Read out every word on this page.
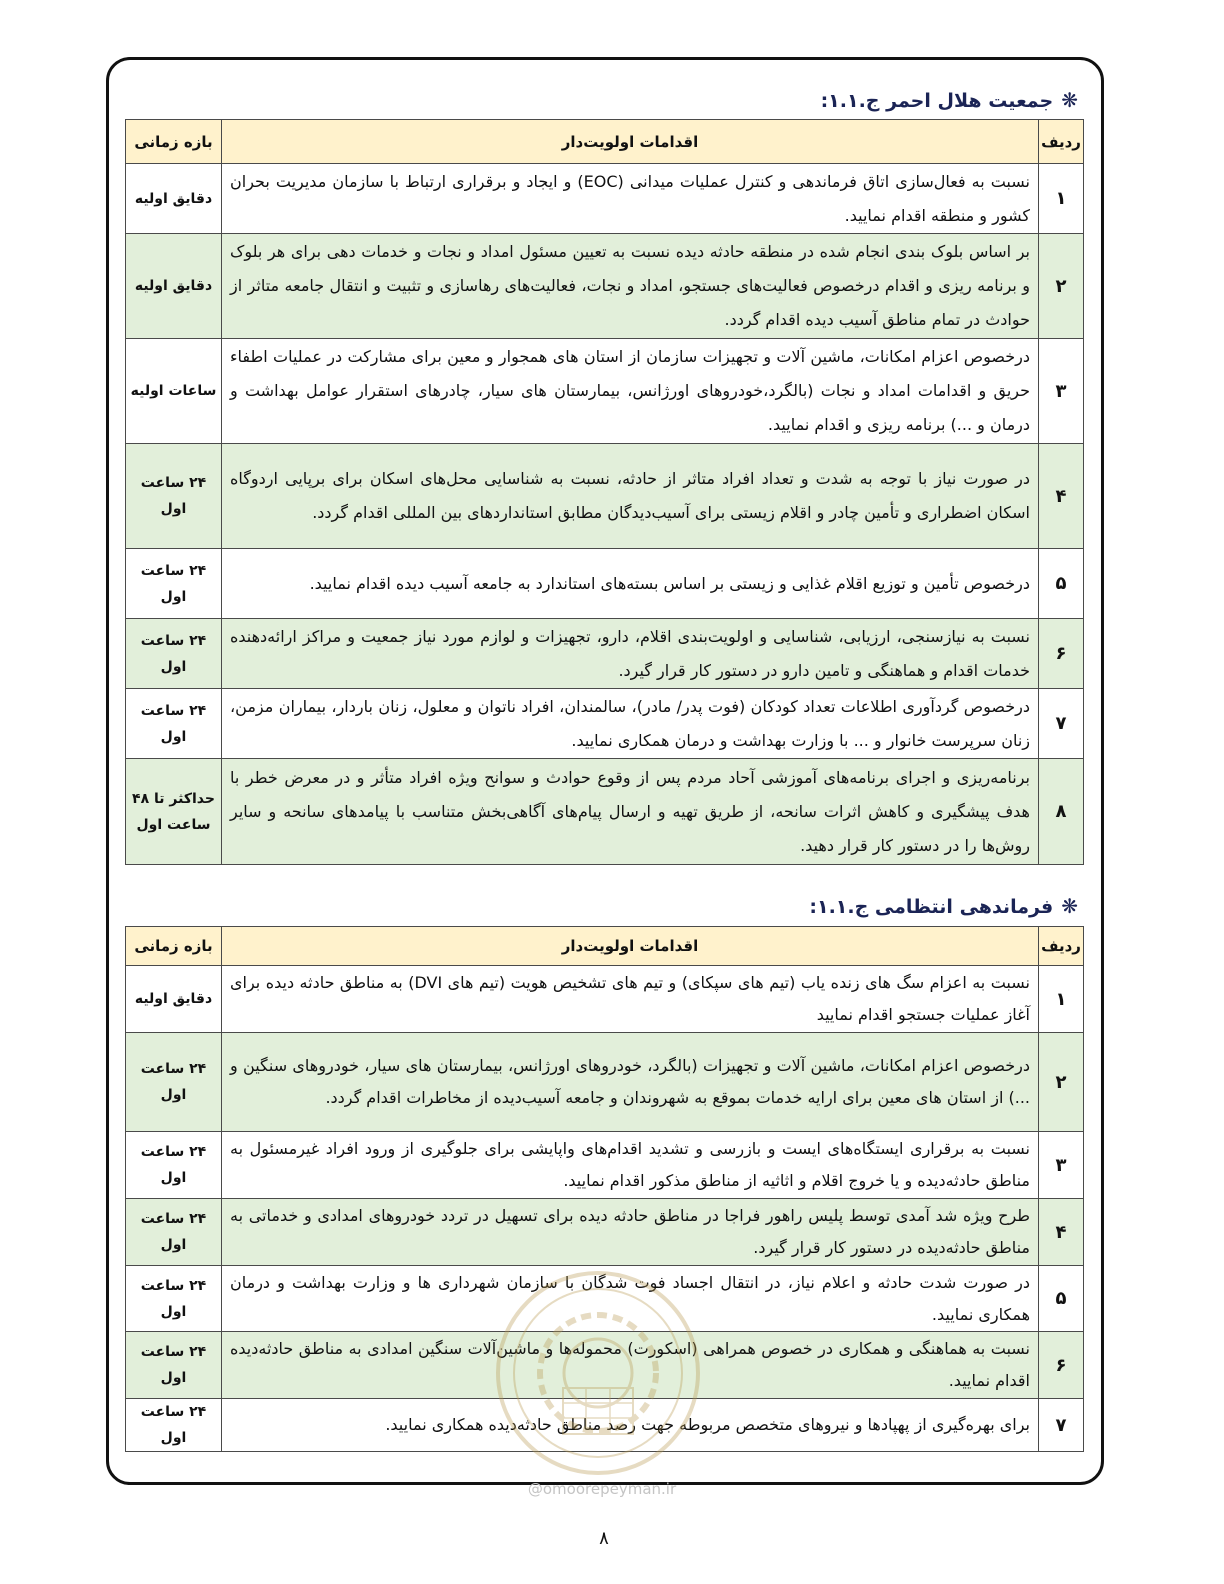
❋جمعیت هلال احمر ج.۱.۱:
ردیف	اقدامات اولویت‌دار	بازه زمانی
۱	نسبت به فعال‌سازی اتاق فرماندهی و کنترل عملیات میدانی (EOC) و ایجاد و برقراری ارتباط با سازمان مدیریت بحران کشور و منطقه اقدام نمایید.	دقایق اولیه
۲	بر اساس بلوک بندی انجام شده در منطقه حادثه دیده نسبت به تعیین مسئول امداد و نجات و خدمات دهی برای هر بلوک و برنامه ریزی و اقدام درخصوص فعالیت‌های جستجو، امداد و نجات، فعالیت‌های رهاسازی و تثبیت و انتقال جامعه متاثر از حوادث در تمام مناطق آسیب دیده اقدام گردد.	دقایق اولیه
۳	درخصوص اعزام امکانات، ماشین آلات و تجهیزات سازمان از استان های همجوار و معین برای مشارکت در عملیات اطفاء حریق و اقدامات امداد و نجات (بالگرد،خودروهای اورژانس، بیمارستان های سیار، چادرهای استقرار عوامل بهداشت و درمان و ...) برنامه ریزی و اقدام نمایید.	ساعات اولیه
۴	در صورت نیاز با توجه به شدت و تعداد افراد متاثر از حادثه، نسبت به شناسایی محل‌های اسکان برای برپایی اردوگاه اسکان اضطراری و تأمین چادر و اقلام زیستی برای آسیب‌دیدگان مطابق استانداردهای بین المللی اقدام گردد.	۲۴ ساعت اول
۵	درخصوص تأمین و توزیع اقلام غذایی و زیستی بر اساس بسته‌های استاندارد به جامعه آسیب دیده اقدام نمایید.	۲۴ ساعت اول
۶	نسبت به نیازسنجی، ارزیابی، شناسایی و اولویت‌بندی اقلام، دارو، تجهیزات و لوازم مورد نیاز جمعیت و مراکز ارائه‌دهنده خدمات اقدام و هماهنگی و تامین دارو در دستور کار قرار گیرد.	۲۴ ساعت اول
۷	درخصوص گردآوری اطلاعات تعداد کودکان (فوت پدر/ مادر)، سالمندان، افراد ناتوان و معلول، زنان باردار، بیماران مزمن، زنان سرپرست خانوار و ... با وزارت بهداشت و درمان همکاری نمایید.	۲۴ ساعت اول
۸	برنامه‌ریزی و اجرای برنامه‌های آموزشی آحاد مردم پس از وقوع حوادث و سوانح ویژه افراد متأثر و در معرض خطر با هدف پیشگیری و کاهش اثرات سانحه، از طریق تهیه و ارسال پیام‌های آگاهی‌بخش متناسب با پیامدهای سانحه و سایر روش‌ها را در دستور کار قرار دهید.	حداکثر تا ۴۸ ساعت اول
❋فرماندهی انتظامی ج.۱.۱:
ردیف	اقدامات اولویت‌دار	بازه زمانی
۱	نسبت به اعزام سگ های زنده یاب (تیم های سپکای) و تیم های تشخیص هویت (تیم های DVI) به مناطق حادثه دیده برای آغاز عملیات جستجو اقدام نمایید	دقایق اولیه
۲	درخصوص اعزام امکانات، ماشین آلات و تجهیزات (بالگرد، خودروهای اورژانس، بیمارستان های سیار، خودروهای سنگین و ...) از استان های معین برای ارایه خدمات بموقع به شهروندان و جامعه آسیب‌دیده از مخاطرات اقدام گردد.	۲۴ ساعت اول
۳	نسبت به برقراری ایستگاه‌های ایست و بازرسی و تشدید اقدام‌های واپایشی برای جلوگیری از ورود افراد غیرمسئول به مناطق حادثه‌دیده و یا خروج اقلام و اثاثیه از مناطق مذکور اقدام نمایید.	۲۴ ساعت اول
۴	طرح ویژه شد آمدی توسط پلیس راهور فراجا در مناطق حادثه دیده برای تسهیل در تردد خودروهای امدادی و خدماتی به مناطق حادثه‌دیده در دستور کار قرار گیرد.	۲۴ ساعت اول
۵	در صورت شدت حادثه و اعلام نیاز، در انتقال اجساد فوت شدگان با سازمان شهرداری ها و وزارت بهداشت و درمان همکاری نمایید.	۲۴ ساعت اول
۶	نسبت به هماهنگی و همکاری در خصوص همراهی (اسکورت) محموله‌ها و ماشین‌آلات سنگین امدادی به مناطق حادثه‌دیده اقدام نمایید.	۲۴ ساعت اول
۷	برای بهره‌گیری از پهپادها و نیروهای متخصص مربوطه جهت رصد مناطق حادثه‌دیده همکاری نمایید.	۲۴ ساعت اول
@omoorepeyman.ir
۸
